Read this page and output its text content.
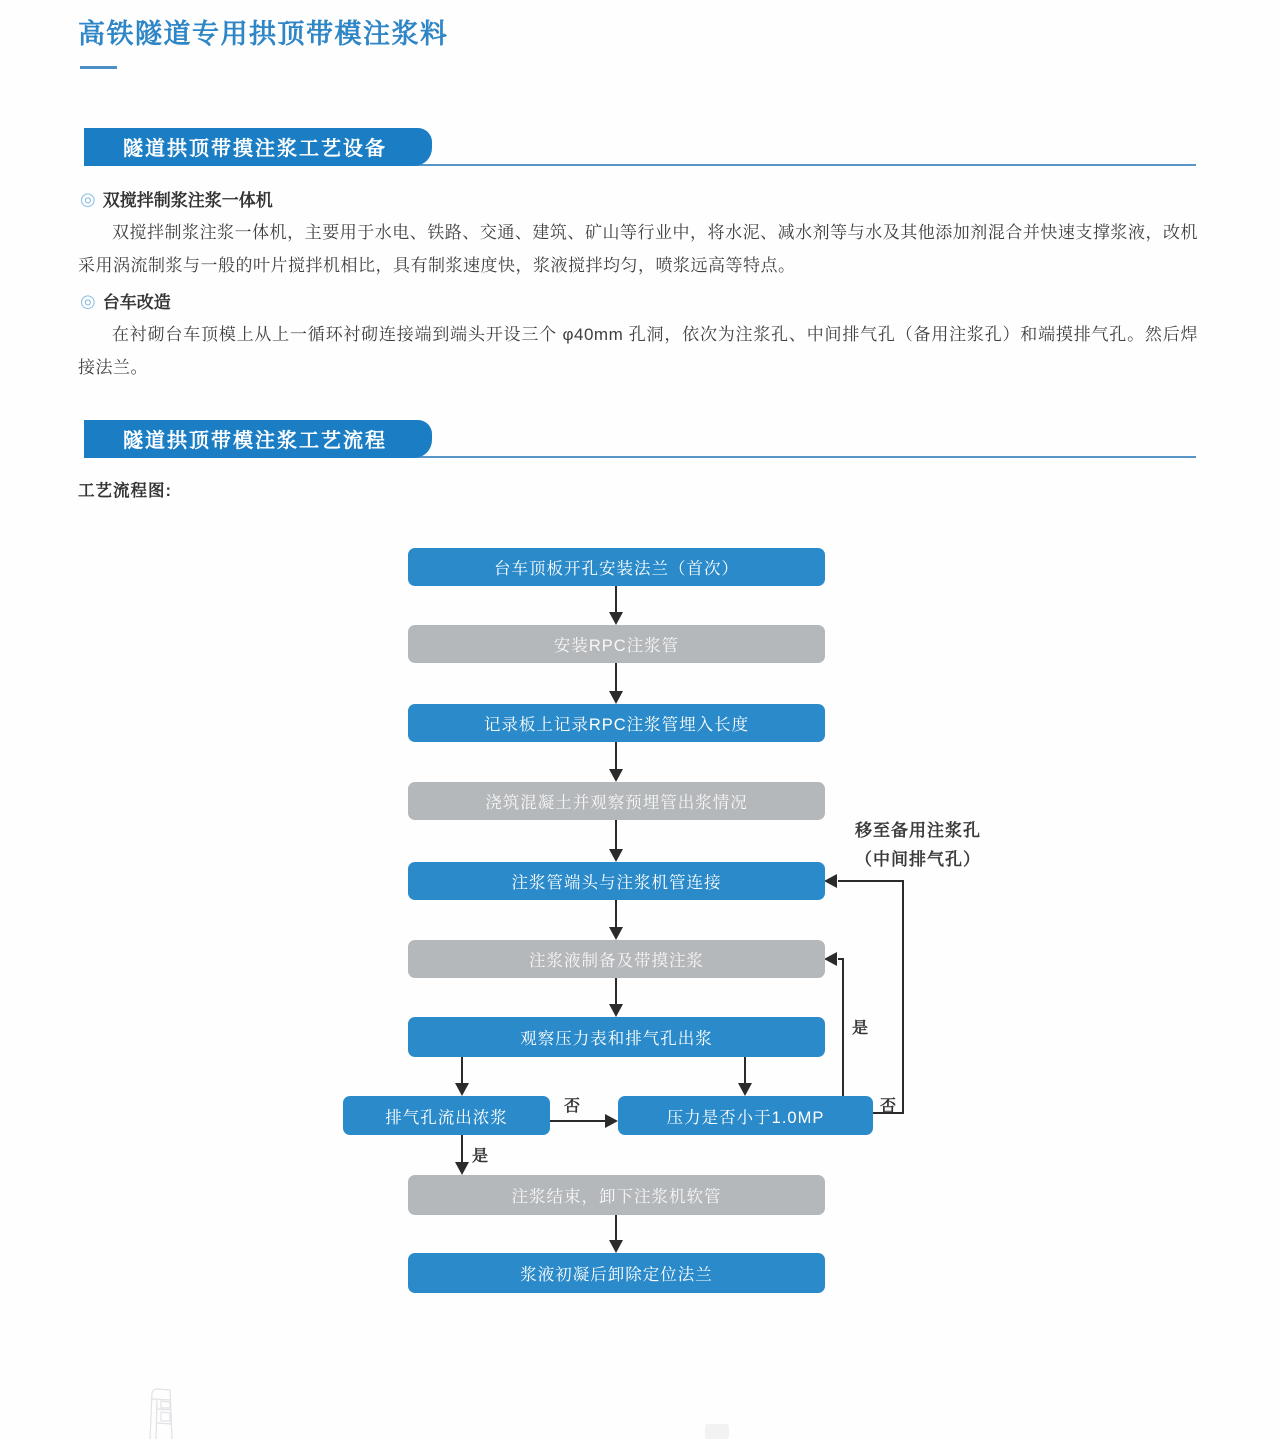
高铁隧道专用拱顶带模注浆料
隧道拱顶带摸注浆工艺设备
◎ 双搅拌制浆注浆一体机

双搅拌制浆注浆一体机，主要用于水电、铁路、交通、建筑、矿山等行业中，将水泥、减水剂等与水及其他添加剂混合并快速支撑浆液，改机采用涡流制浆与一般的叶片搅拌机相比，具有制浆速度快，浆液搅拌均匀，喷浆远高等特点。

◎ 台车改造

在衬砌台车顶模上从上一循环衬砌连接端到端头开设三个 φ40mm 孔洞，依次为注浆孔、中间排气孔（备用注浆孔）和端摸排气孔。然后焊接法兰。

隧道拱顶带模注浆工艺流程
工艺流程图:
台车顶板开孔安装法兰（首次）
安装RPC注浆管
记录板上记录RPC注浆管埋入长度
浇筑混凝土并观察预埋管出浆情况
注浆管端头与注浆机管连接
注浆液制备及带摸注浆
观察压力表和排气孔出浆
排气孔流出浓浆	压力是否小于1.0MP
注浆结束，卸下注浆机软管
浆液初凝后卸除定位法兰
是
否
是
否
移至备用注浆孔
（中间排气孔）
